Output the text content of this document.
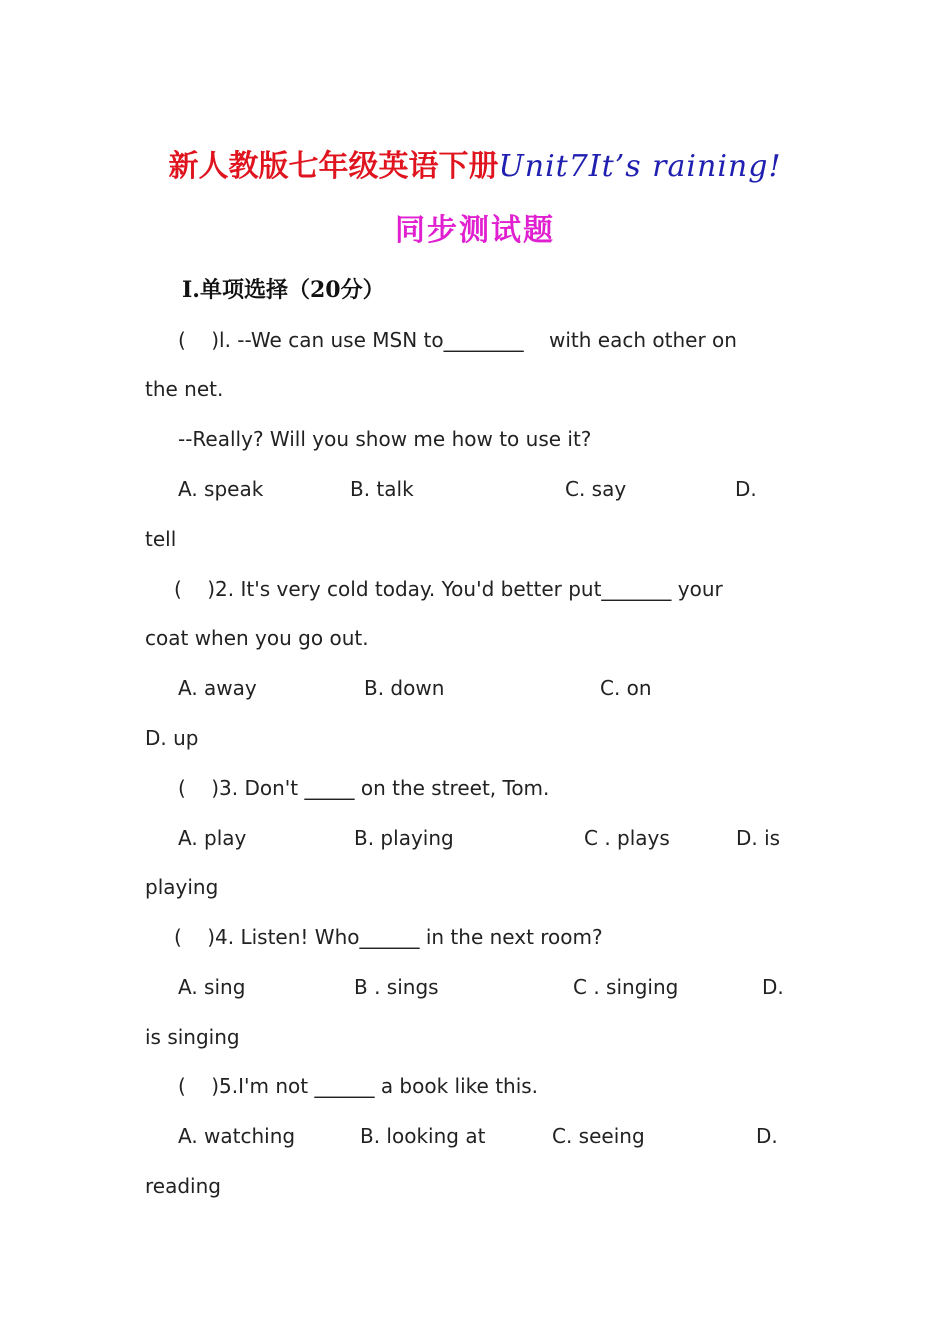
新人教版七年级英语下册Unit7It’s raining!
同步测试题
I.单项选择（20分）
(    )l. --We can use MSN to________    with each other on
the net.
--Really? Will you show me how to use it?
A. speak	B. talk	C. say	D.
tell
(    )2. It's very cold today. You'd better put_______ your
coat when you go out.
A. away	B. down	C. on
D. up
(    )3. Don't _____ on the street, Tom.
A. play	B. playing	C . plays	D. is
playing
(    )4. Listen! Who______ in the next room?
A. sing	B . sings	C . singing	D.
is singing
(    )5.I'm not ______ a book like this.
A. watching	B. looking at	C. seeing	D.
reading
